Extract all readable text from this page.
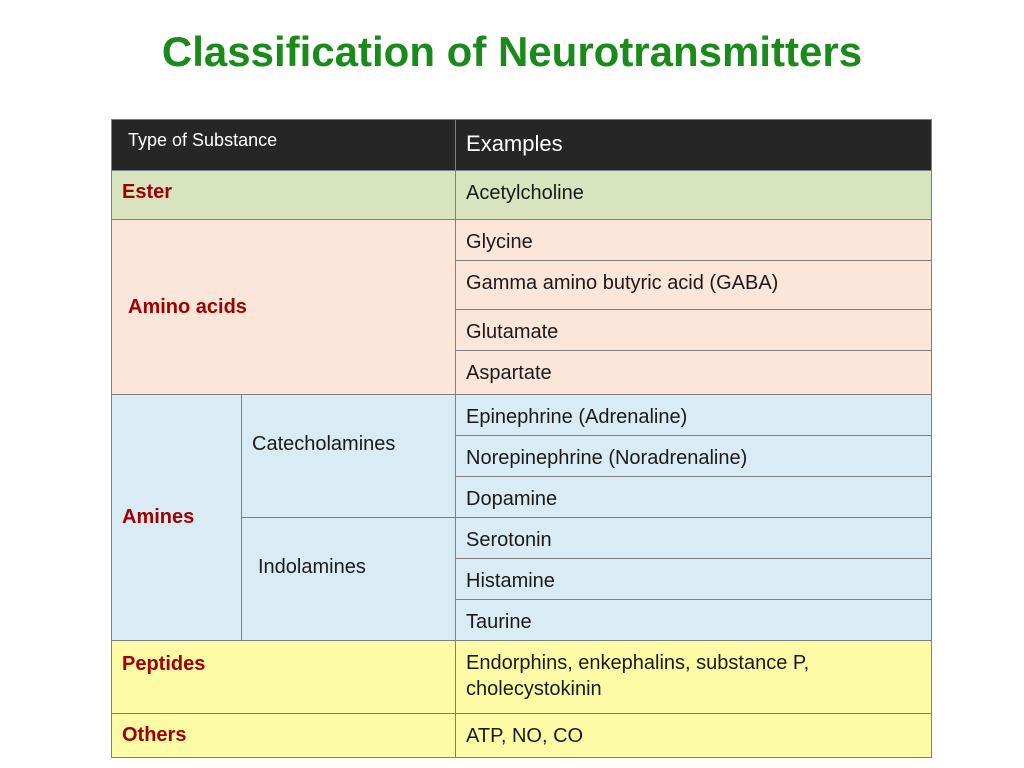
Classification of Neurotransmitters
Type of Substance		Examples
Ester		Acetylcholine
Amino acids		Glycine
		Gamma amino butyric acid (GABA)
		Glutamate
		Aspartate
Amines	Catecholamines	Epinephrine (Adrenaline)
		Norepinephrine (Noradrenaline)
		Dopamine
	Indolamines	Serotonin
		Histamine
		Taurine
Peptides		Endorphins, enkephalins, substance P, cholecystokinin
Others		ATP, NO, CO
